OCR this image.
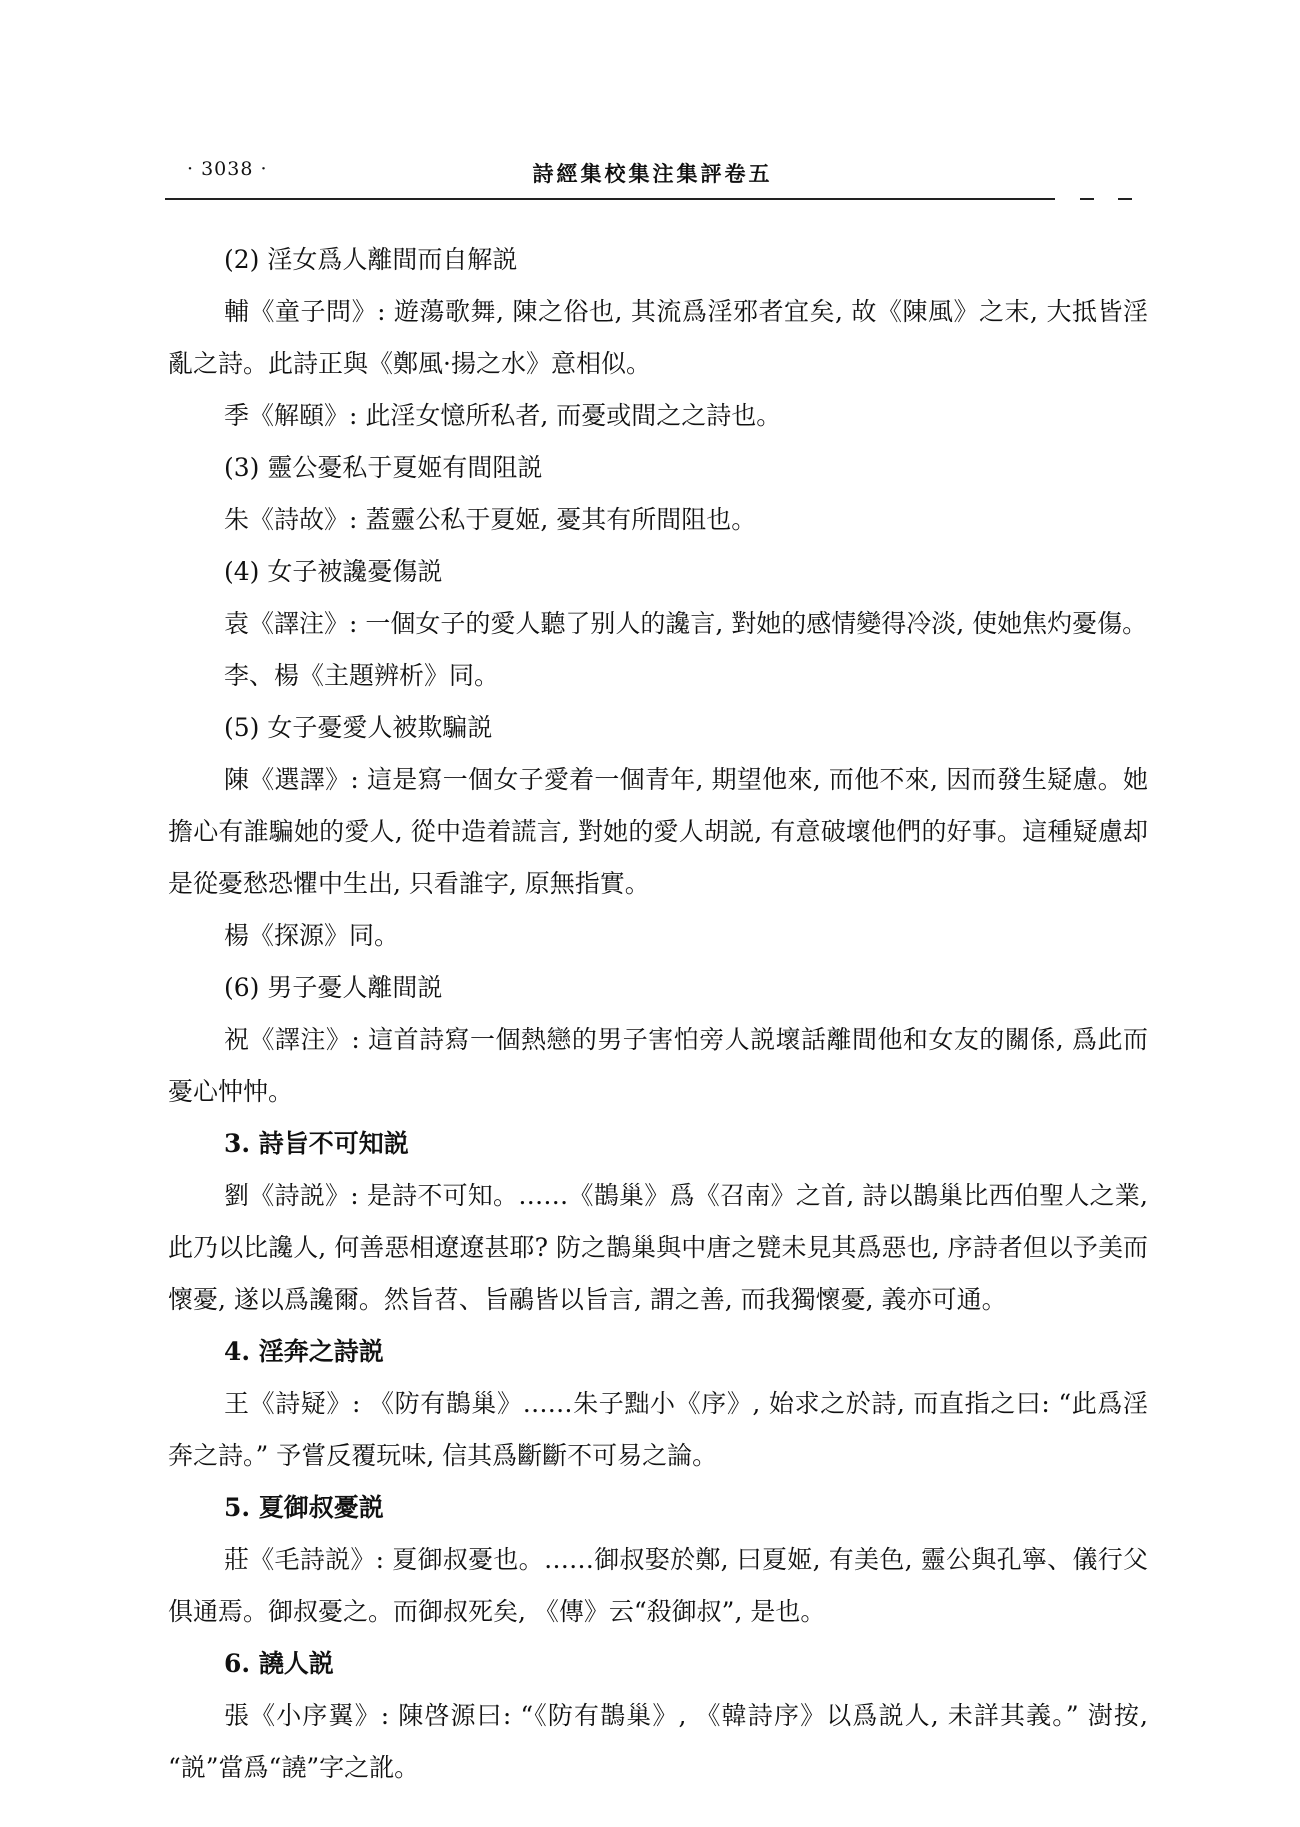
· 3038 ·	詩經集校集注集評卷五

(2) 淫女爲人離間而自解説

輔《童子問》: 遊蕩歌舞, 陳之俗也, 其流爲淫邪者宜矣, 故《陳風》之末, 大抵皆淫亂之詩。此詩正與《鄭風·揚之水》意相似。

季《解頤》: 此淫女憶所私者, 而憂或間之之詩也。

(3) 靈公憂私于夏姬有間阻説

朱《詩故》: 蓋靈公私于夏姬, 憂其有所間阻也。

(4) 女子被讒憂傷説

袁《譯注》: 一個女子的愛人聽了别人的讒言, 對她的感情變得冷淡, 使她焦灼憂傷。

李、楊《主題辨析》同。

(5) 女子憂愛人被欺騙説

陳《選譯》: 這是寫一個女子愛着一個青年, 期望他來, 而他不來, 因而發生疑慮。她擔心有誰騙她的愛人, 從中造着謊言, 對她的愛人胡説, 有意破壞他們的好事。這種疑慮却是從憂愁恐懼中生出, 只看誰字, 原無指實。

楊《探源》同。

(6) 男子憂人離間説

祝《譯注》: 這首詩寫一個熱戀的男子害怕旁人説壞話離間他和女友的關係, 爲此而憂心忡忡。

3. 詩旨不可知説

劉《詩説》: 是詩不可知。……《鵲巢》爲《召南》之首, 詩以鵲巢比西伯聖人之業, 此乃以比讒人, 何善惡相遼遼甚耶? 防之鵲巢與中唐之甓未見其爲惡也, 序詩者但以予美而懷憂, 遂以爲讒爾。然旨苕、旨鷊皆以旨言, 謂之善, 而我獨懷憂, 義亦可通。

4. 淫奔之詩説

王《詩疑》: 《防有鵲巢》……朱子黜小《序》, 始求之於詩, 而直指之曰: “此爲淫奔之詩。” 予嘗反覆玩味, 信其爲斷斷不可易之論。

5. 夏御叔憂説

莊《毛詩説》: 夏御叔憂也。……御叔娶於鄭, 曰夏姬, 有美色, 靈公與孔寧、儀行父俱通焉。御叔憂之。而御叔死矣, 《傳》云“殺御叔”, 是也。

6. 譊人説

張《小序翼》: 陳啓源曰: “《防有鵲巢》, 《韓詩序》以爲説人, 未詳其義。” 澍按, “説”當爲“譊”字之訛。
